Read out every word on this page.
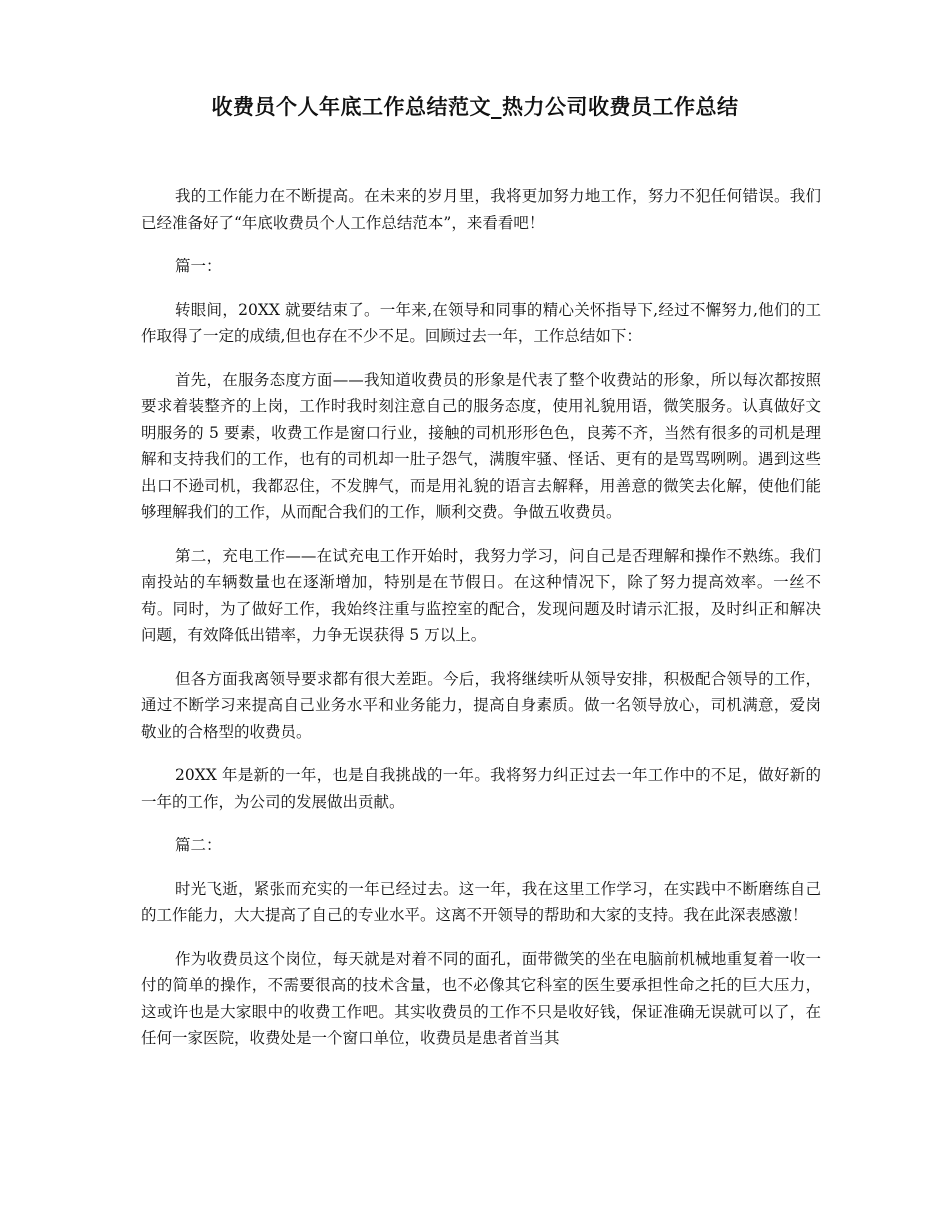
收费员个人年底工作总结范文_热力公司收费员工作总结

我的工作能力在不断提高。在未来的岁月里，我将更加努力地工作，努力不犯任何错误。我们已经准备好了“年底收费员个人工作总结范本”，来看看吧！

篇一：

转眼间，20XX 就要结束了。一年来,在领导和同事的精心关怀指导下,经过不懈努力,他们的工作取得了一定的成绩,但也存在不少不足。回顾过去一年，工作总结如下：

首先，在服务态度方面——我知道收费员的形象是代表了整个收费站的形象，所以每次都按照要求着装整齐的上岗，工作时我时刻注意自己的服务态度，使用礼貌用语，微笑服务。认真做好文明服务的 5 要素，收费工作是窗口行业，接触的司机形形色色，良莠不齐，当然有很多的司机是理解和支持我们的工作，也有的司机却一肚子怨气，满腹牢骚、怪话、更有的是骂骂咧咧。遇到这些出口不逊司机，我都忍住，不发脾气，而是用礼貌的语言去解释，用善意的微笑去化解，使他们能够理解我们的工作，从而配合我们的工作，顺利交费。争做五收费员。

第二，充电工作——在试充电工作开始时，我努力学习，问自己是否理解和操作不熟练。我们南投站的车辆数量也在逐渐增加，特别是在节假日。在这种情况下，除了努力提高效率。一丝不苟。同时，为了做好工作，我始终注重与监控室的配合，发现问题及时请示汇报，及时纠正和解决问题，有效降低出错率，力争无误获得 5 万以上。

但各方面我离领导要求都有很大差距。今后，我将继续听从领导安排，积极配合领导的工作，通过不断学习来提高自己业务水平和业务能力，提高自身素质。做一名领导放心，司机满意，爱岗敬业的合格型的收费员。

20XX 年是新的一年，也是自我挑战的一年。我将努力纠正过去一年工作中的不足，做好新的一年的工作，为公司的发展做出贡献。

篇二：

时光飞逝，紧张而充实的一年已经过去。这一年，我在这里工作学习，在实践中不断磨练自己的工作能力，大大提高了自己的专业水平。这离不开领导的帮助和大家的支持。我在此深表感激！

作为收费员这个岗位，每天就是对着不同的面孔，面带微笑的坐在电脑前机械地重复着一收一付的简单的操作，不需要很高的技术含量，也不必像其它科室的医生要承担性命之托的巨大压力，这或许也是大家眼中的收费工作吧。其实收费员的工作不只是收好钱，保证准确无误就可以了，在任何一家医院，收费处是一个窗口单位，收费员是患者首当其
